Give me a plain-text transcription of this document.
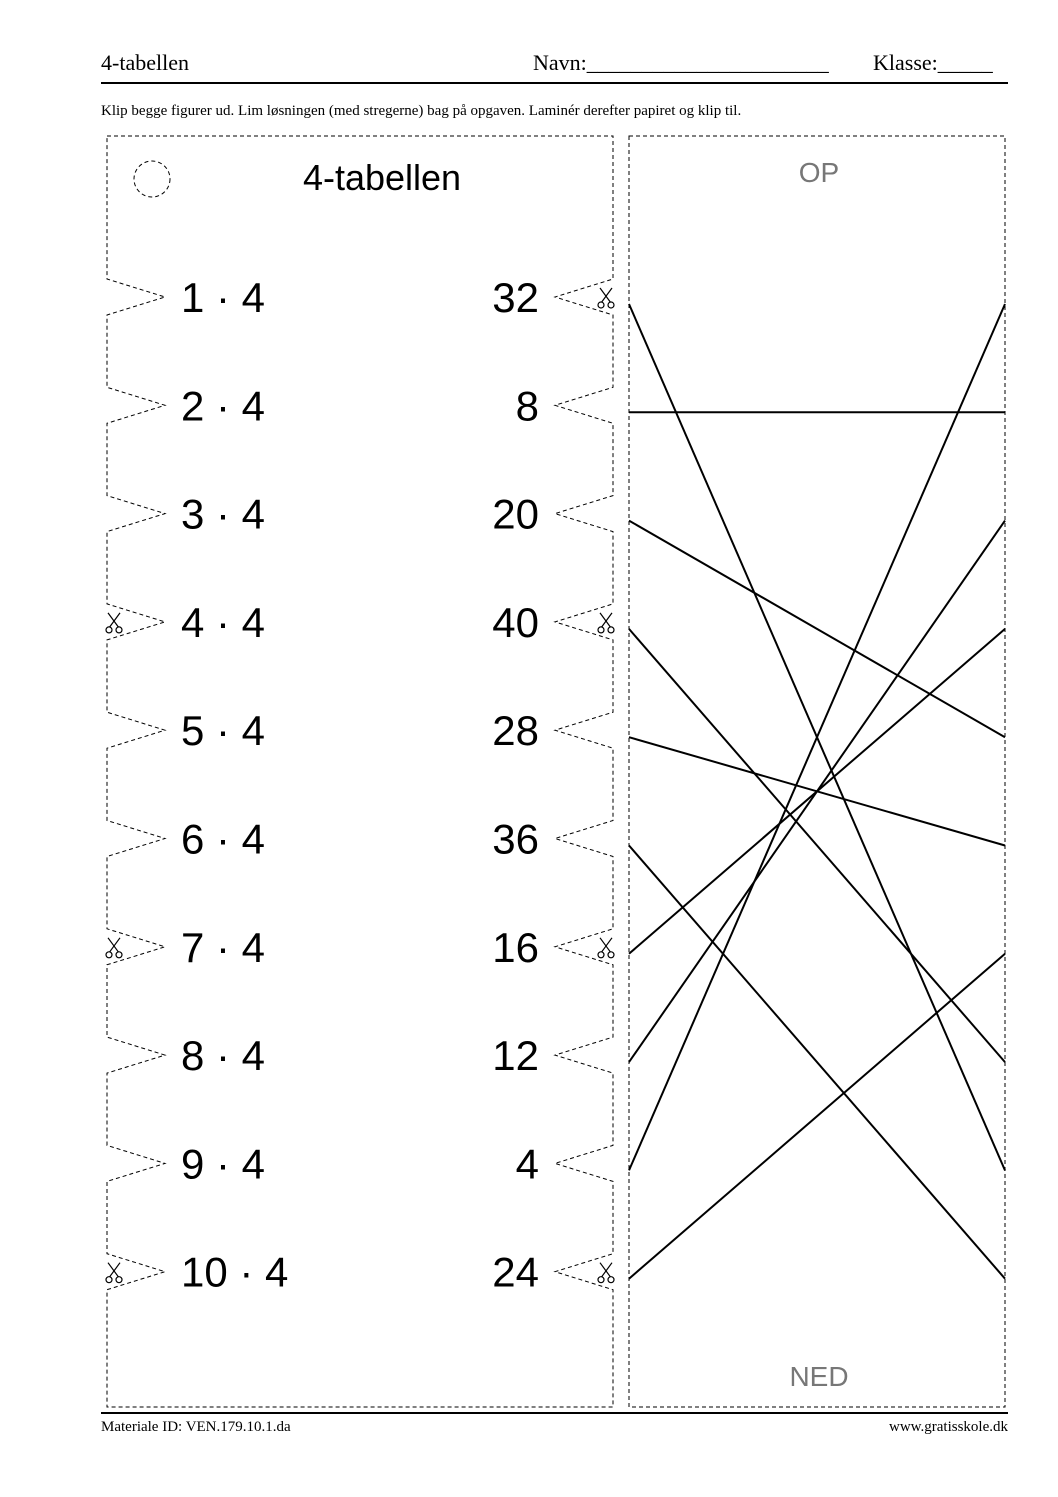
4-tabellen	Navn:______________________ Klasse:_____
Klip begge figurer ud. Lim løsningen (med stregerne) bag på opgaven. Laminér derefter papiret og klip til.
4-tabellen
1 · 4
2 · 4
3 · 4
4 · 4
5 · 4
6 · 4
7 · 4
8 · 4
9 · 4
10 · 4
32
8
20
40
28
36
16
12
4
24
OP
NED
Materiale ID: VEN.179.10.1.da	www.gratisskole.dk
